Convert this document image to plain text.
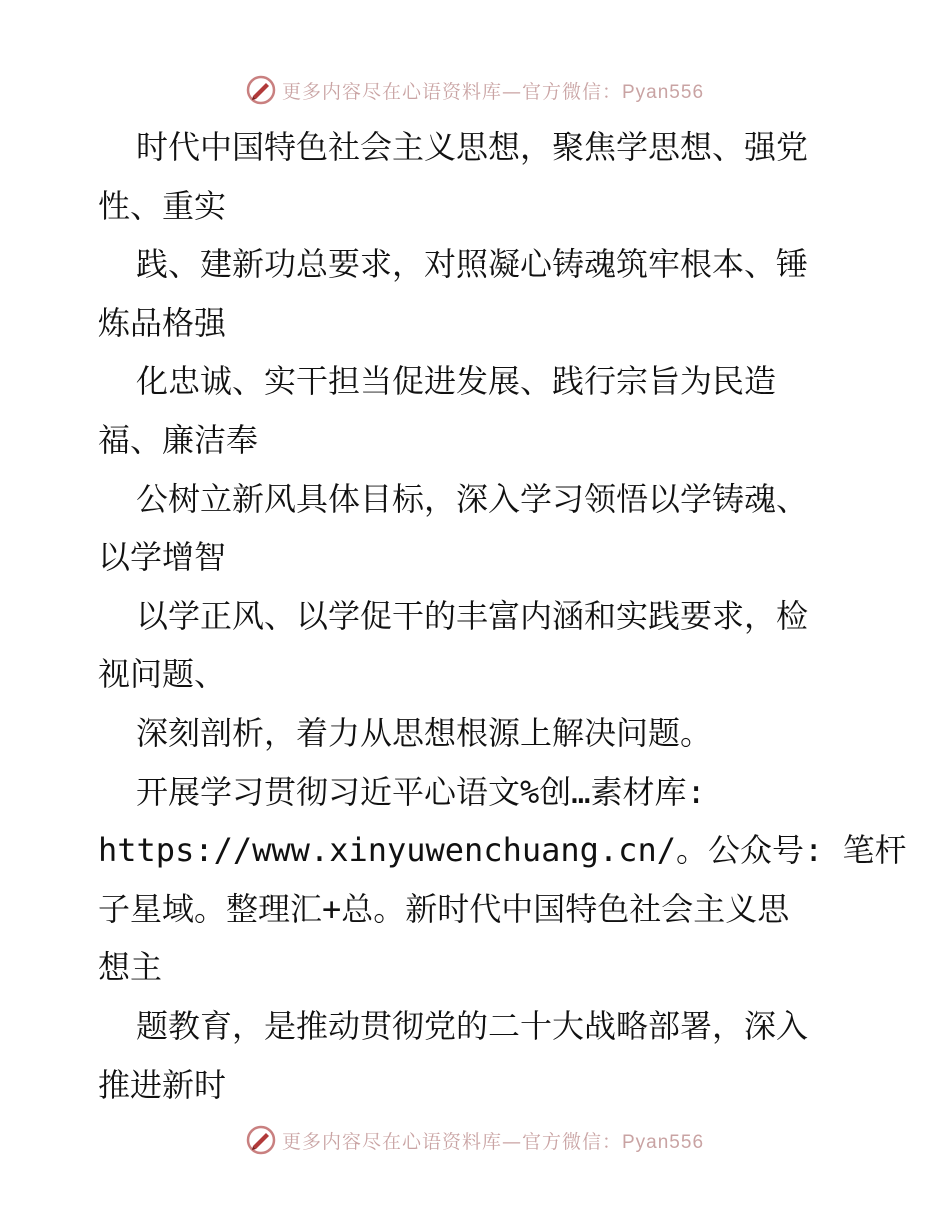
更多内容尽在心语资料库—官方微信：Pyan556
时代中国特色社会主义思想，聚焦学思想、强党
性、重实
践、建新功总要求，对照凝心铸魂筑牢根本、锤
炼品格强
化忠诚、实干担当促进发展、践行宗旨为民造
福、廉洁奉
公树立新风具体目标，深入学习领悟以学铸魂、
以学增智
以学正风、以学促干的丰富内涵和实践要求，检
视问题、
深刻剖析，着力从思想根源上解决问题。
开展学习贯彻习近平心语文%创…素材库:
https://www.xinyuwenchuang.cn/。公众号: 笔杆
子星域。整理汇+总。新时代中国特色社会主义思
想主
题教育，是推动贯彻党的二十大战略部署，深入
推进新时
更多内容尽在心语资料库—官方微信：Pyan556
